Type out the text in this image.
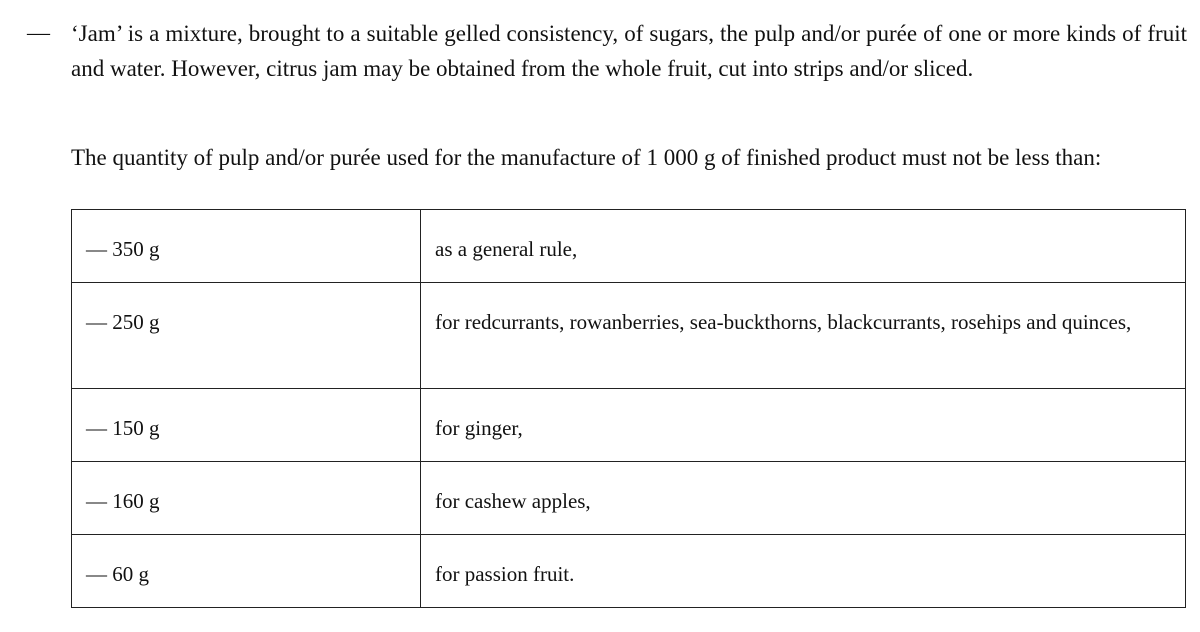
— ‘Jam’ is a mixture, brought to a suitable gelled consistency, of sugars, the pulp and/or purée of one or more kinds of fruit and water. However, citrus jam may be obtained from the whole fruit, cut into strips and/or sliced.

The quantity of pulp and/or purée used for the manufacture of 1 000 g of finished product must not be less than:

— 350 g	as a general rule,

— 250 g	for redcurrants, rowanberries, sea-buckthorns, blackcurrants, rosehips and quinces,

— 150 g	for ginger,

— 160 g	for cashew apples,

— 60 g	for passion fruit.
